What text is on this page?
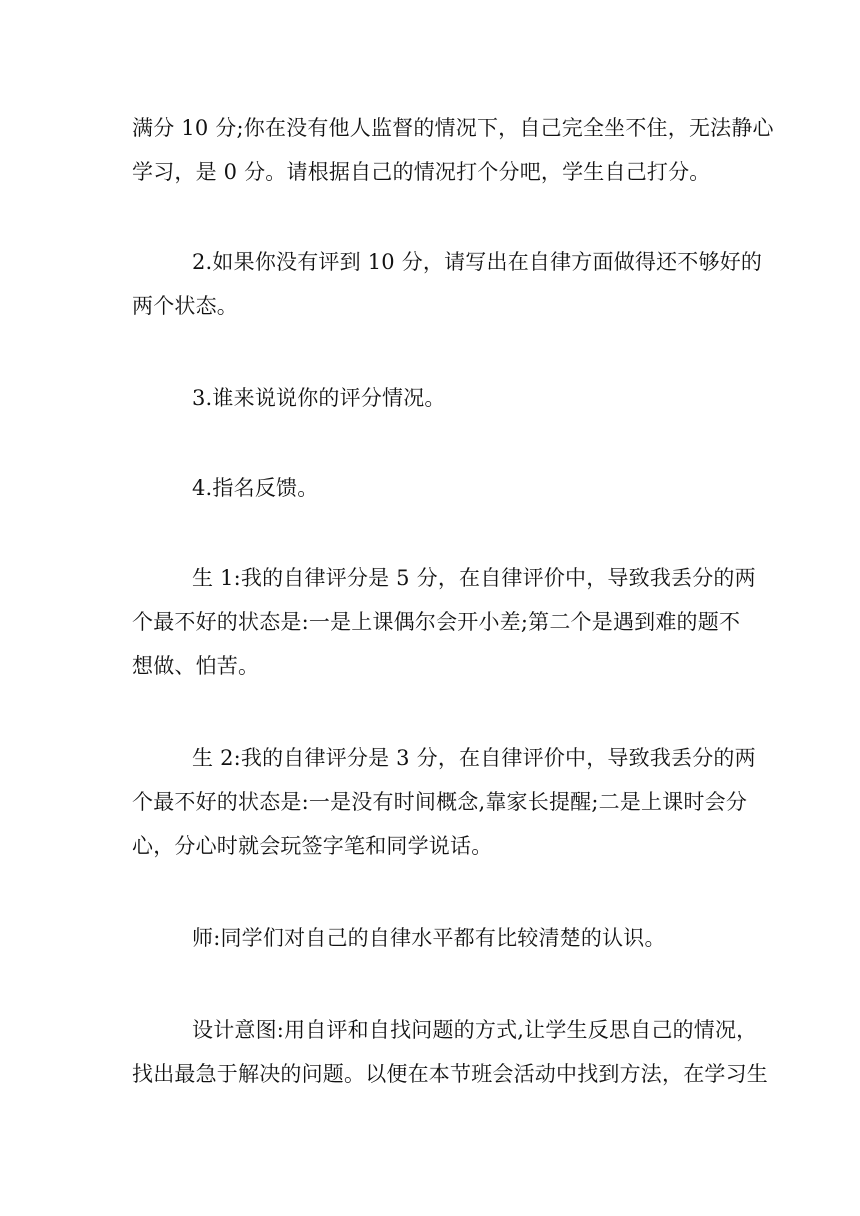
满分 10 分;你在没有他人监督的情况下，自己完全坐不住，无法静心
学习，是 0 分。请根据自己的情况打个分吧，学生自己打分。
2.如果你没有评到 10 分，请写出在自律方面做得还不够好的
两个状态。
3.谁来说说你的评分情况。
4.指名反馈。
生 1:我的自律评分是 5 分，在自律评价中，导致我丢分的两
个最不好的状态是:一是上课偶尔会开小差;第二个是遇到难的题不
想做、怕苦。
生 2:我的自律评分是 3 分，在自律评价中，导致我丢分的两
个最不好的状态是:一是没有时间概念,靠家长提醒;二是上课时会分
心，分心时就会玩签字笔和同学说话。
师:同学们对自己的自律水平都有比较清楚的认识。
设计意图:用自评和自找问题的方式,让学生反思自己的情况，
找出最急于解决的问题。以便在本节班会活动中找到方法，在学习生
